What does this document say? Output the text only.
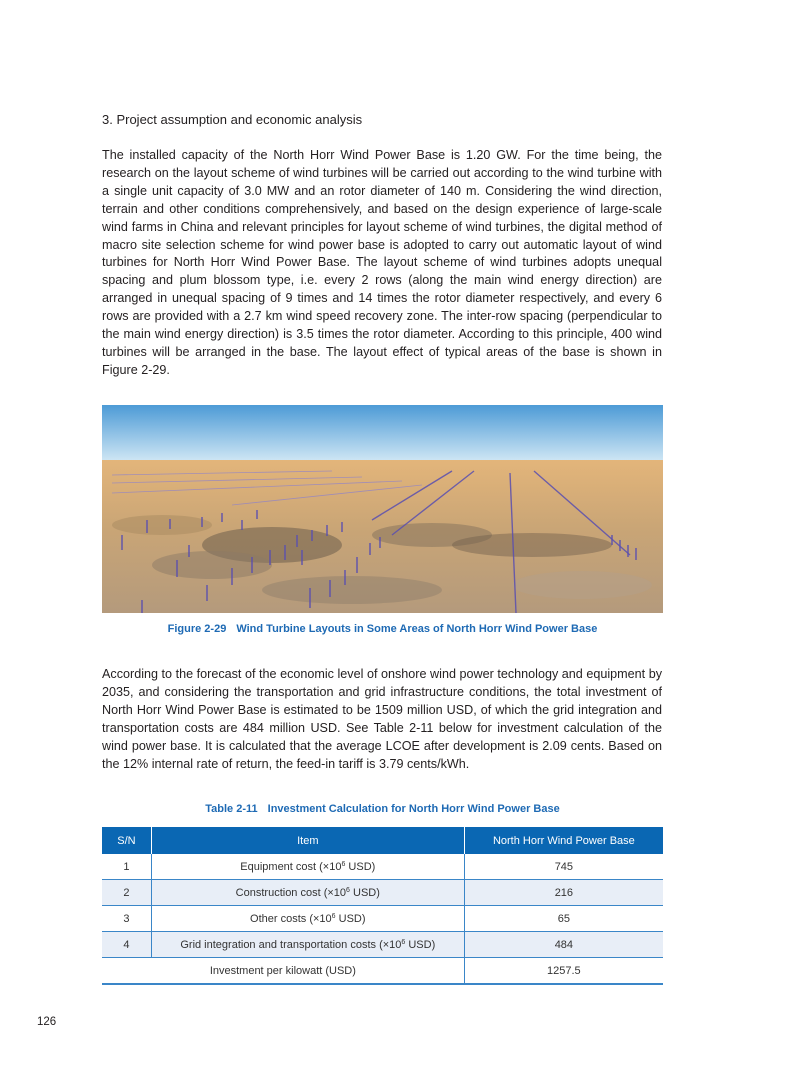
3. Project assumption and economic analysis

The installed capacity of the North Horr Wind Power Base is 1.20 GW. For the time being, the research on the layout scheme of wind turbines will be carried out according to the wind turbine with a single unit capacity of 3.0 MW and an rotor diameter of 140 m. Considering the wind direction, terrain and other conditions comprehensively, and based on the design experience of large-scale wind farms in China and relevant principles for layout scheme of wind turbines, the digital method of macro site selection scheme for wind power base is adopted to carry out automatic layout of wind turbines for North Horr Wind Power Base. The layout scheme of wind turbines adopts unequal spacing and plum blossom type, i.e. every 2 rows (along the main wind energy direction) are arranged in unequal spacing of 9 times and 14 times the rotor diameter respectively, and every 6 rows are provided with a 2.7 km wind speed recovery zone. The inter-row spacing (perpendicular to the main wind energy direction) is 3.5 times the rotor diameter. According to this principle, 400 wind turbines will be arranged in the base. The layout effect of typical areas of the base is shown in Figure 2-29.

Figure 2-29 Wind Turbine Layouts in Some Areas of North Horr Wind Power Base

According to the forecast of the economic level of onshore wind power technology and equipment by 2035, and considering the transportation and grid infrastructure conditions, the total investment of North Horr Wind Power Base is estimated to be 1509 million USD, of which the grid integration and transportation costs are 484 million USD. See Table 2-11 below for investment calculation of the wind power base. It is calculated that the average LCOE after development is 2.09 cents. Based on the 12% internal rate of return, the feed-in tariff is 3.79 cents/kWh.

Table 2-11 Investment Calculation for North Horr Wind Power Base
S/N	Item	North Horr Wind Power Base
1	Equipment cost ($\times 10^6$ USD)	745
2	Construction cost ($\times 10^6$ USD)	216
3	Other costs ($\times 10^6$ USD)	65
4	Grid integration and transportation costs ($\times 10^6$ USD)	484
Investment per kilowatt (USD)		1257.5
126
